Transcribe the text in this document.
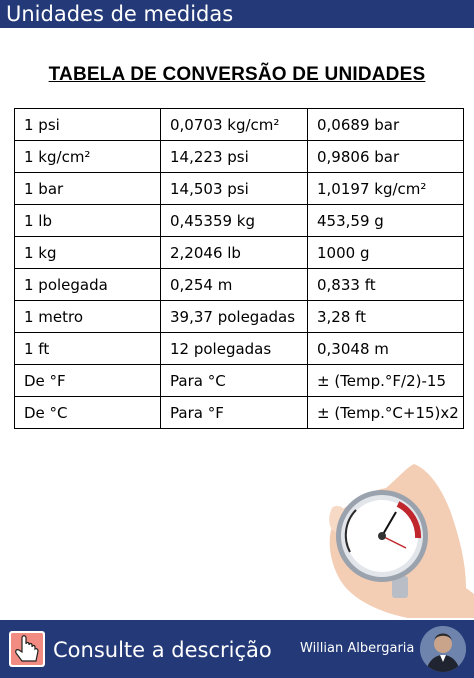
Unidades de medidas
TABELA DE CONVERSÃO DE UNIDADES
1 psi	0,0703 kg/cm²	0,0689 bar
1 kg/cm²	14,223 psi	0,9806 bar
1 bar	14,503 psi	1,0197 kg/cm²
1 lb	0,45359 kg	453,59 g
1 kg	2,2046 lb	1000 g
1 polegada	0,254 m	0,833 ft
1 metro	39,37 polegadas	3,28 ft
1 ft	12 polegadas	0,3048 m
De °F	Para °C	± (Temp.°F/2)-15
De °C	Para °F	± (Temp.°C+15)x2
Consulte a descrição Willian Albergaria
